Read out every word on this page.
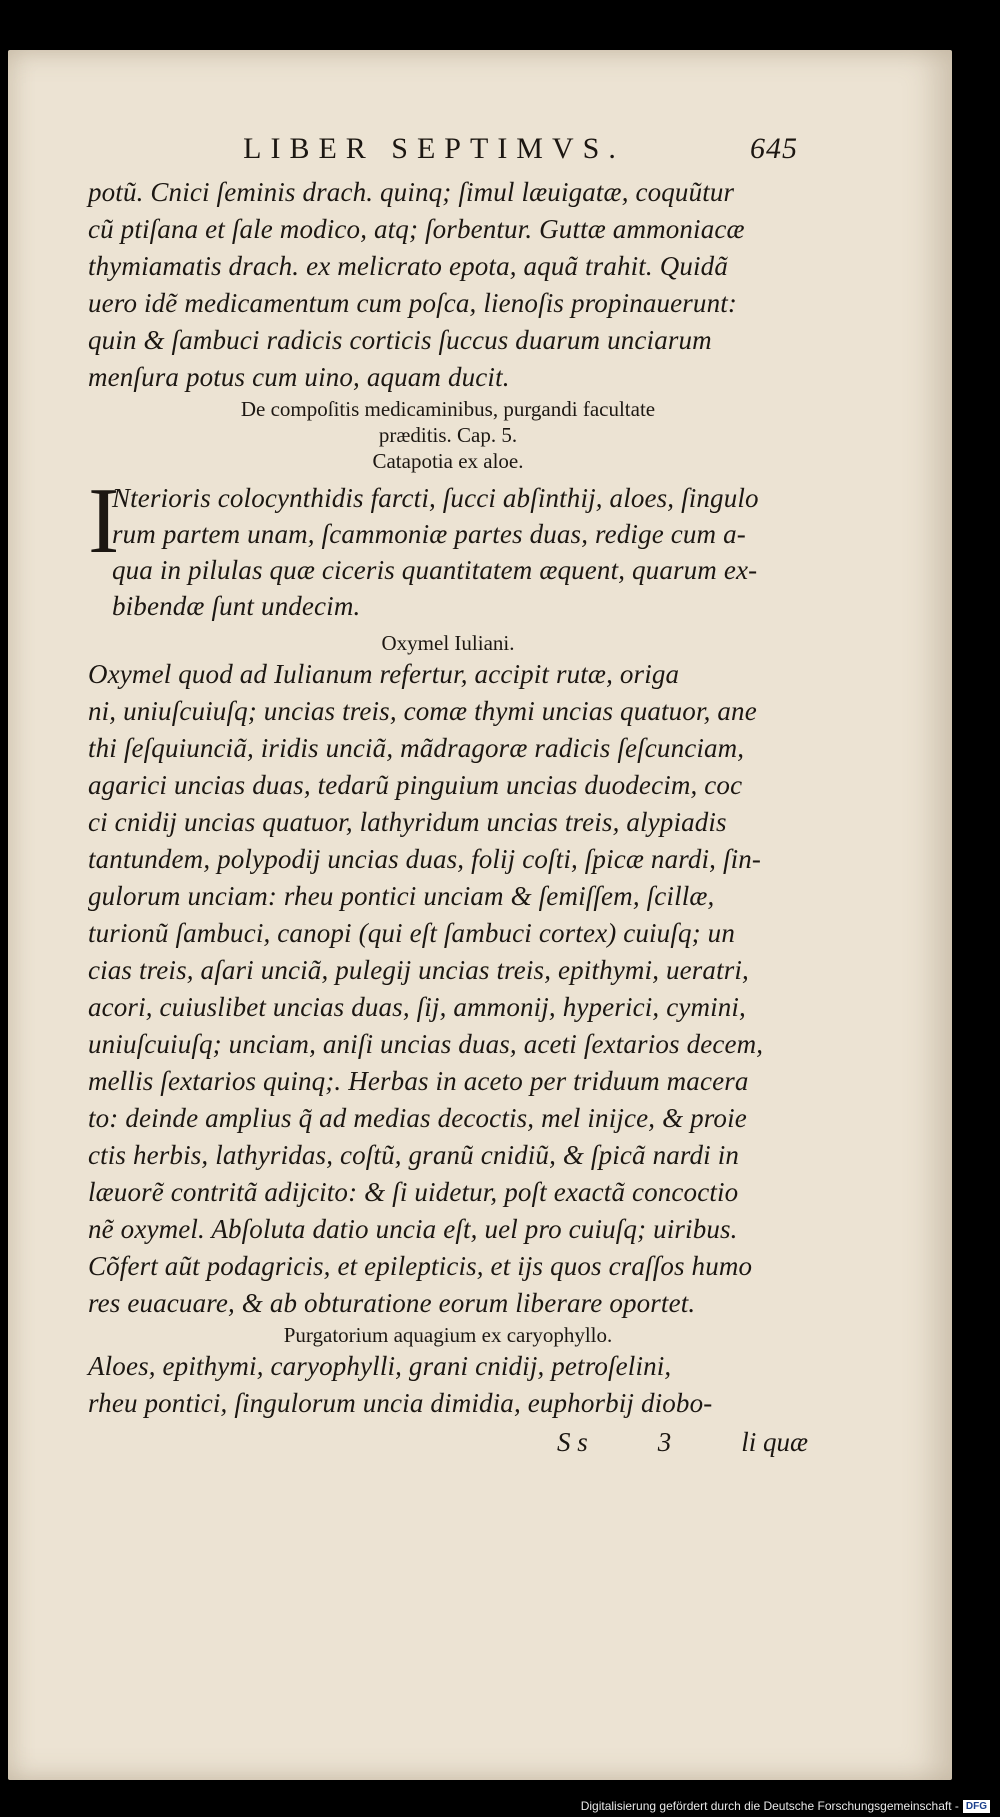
LIBER SEPTIMVS.	645
potũ. Cnici ſeminis drach. quinq; ſimul læuigatæ, coquũtur
cũ ptiſana et ſale modico, atq; ſorbentur. Guttæ ammoniacæ
thymiamatis drach. ex melicrato epota, aquã trahit. Quidã
uero idẽ medicamentum cum poſca, lienoſis propinauerunt:
quin & ſambuci radicis corticis ſuccus duarum unciarum
menſura potus cum uino, aquam ducit.
De compoſitis medicaminibus, purgandi facultate
præditis. Cap. 5.
Catapotia ex aloe.
I
Nterioris colocynthidis farcti, ſucci abſinthij, aloes, ſingulo
rum partem unam, ſcammoniæ partes duas, redige cum a-
qua in pilulas quæ ciceris quantitatem æquent, quarum ex-
bibendæ ſunt undecim.
Oxymel Iuliani.
Oxymel quod ad Iulianum refertur, accipit rutæ, origa
ni, uniuſcuiuſq; uncias treis, comæ thymi uncias quatuor, ane
thi ſeſquiunciã, iridis unciã, mãdragoræ radicis ſeſcunciam,
agarici uncias duas, tedarũ pinguium uncias duodecim, coc
ci cnidij uncias quatuor, lathyridum uncias treis, alypiadis
tantundem, polypodij uncias duas, folij coſti, ſpicæ nardi, ſin-
gulorum unciam: rheu pontici unciam & ſemiſſem, ſcillæ,
turionũ ſambuci, canopi (qui eſt ſambuci cortex) cuiuſq; un
cias treis, aſari unciã, pulegij uncias treis, epithymi, ueratri,
acori, cuiuslibet uncias duas, ſij, ammonij, hyperici, cymini,
uniuſcuiuſq; unciam, aniſi uncias duas, aceti ſextarios decem,
mellis ſextarios quinq;. Herbas in aceto per triduum macera
to: deinde amplius q̃ ad medias decoctis, mel inijce, & proie
ctis herbis, lathyridas, coſtũ, granũ cnidiũ, & ſpicã nardi in
læuorẽ contritã adijcito: & ſi uidetur, poſt exactã concoctio
nẽ oxymel. Abſoluta datio uncia eſt, uel pro cuiuſq; uiribus.
Cõfert aũt podagricis, et epilepticis, et ijs quos craſſos humo
res euacuare, & ab obturatione eorum liberare oportet.
Purgatorium aquagium ex caryophyllo.
Aloes, epithymi, caryophylli, grani cnidij, petroſelini,
rheu pontici, ſingulorum uncia dimidia, euphorbij diobo-
S s	3	li quæ
Digitalisierung gefördert durch die Deutsche Forschungsgemeinschaft - DFG
